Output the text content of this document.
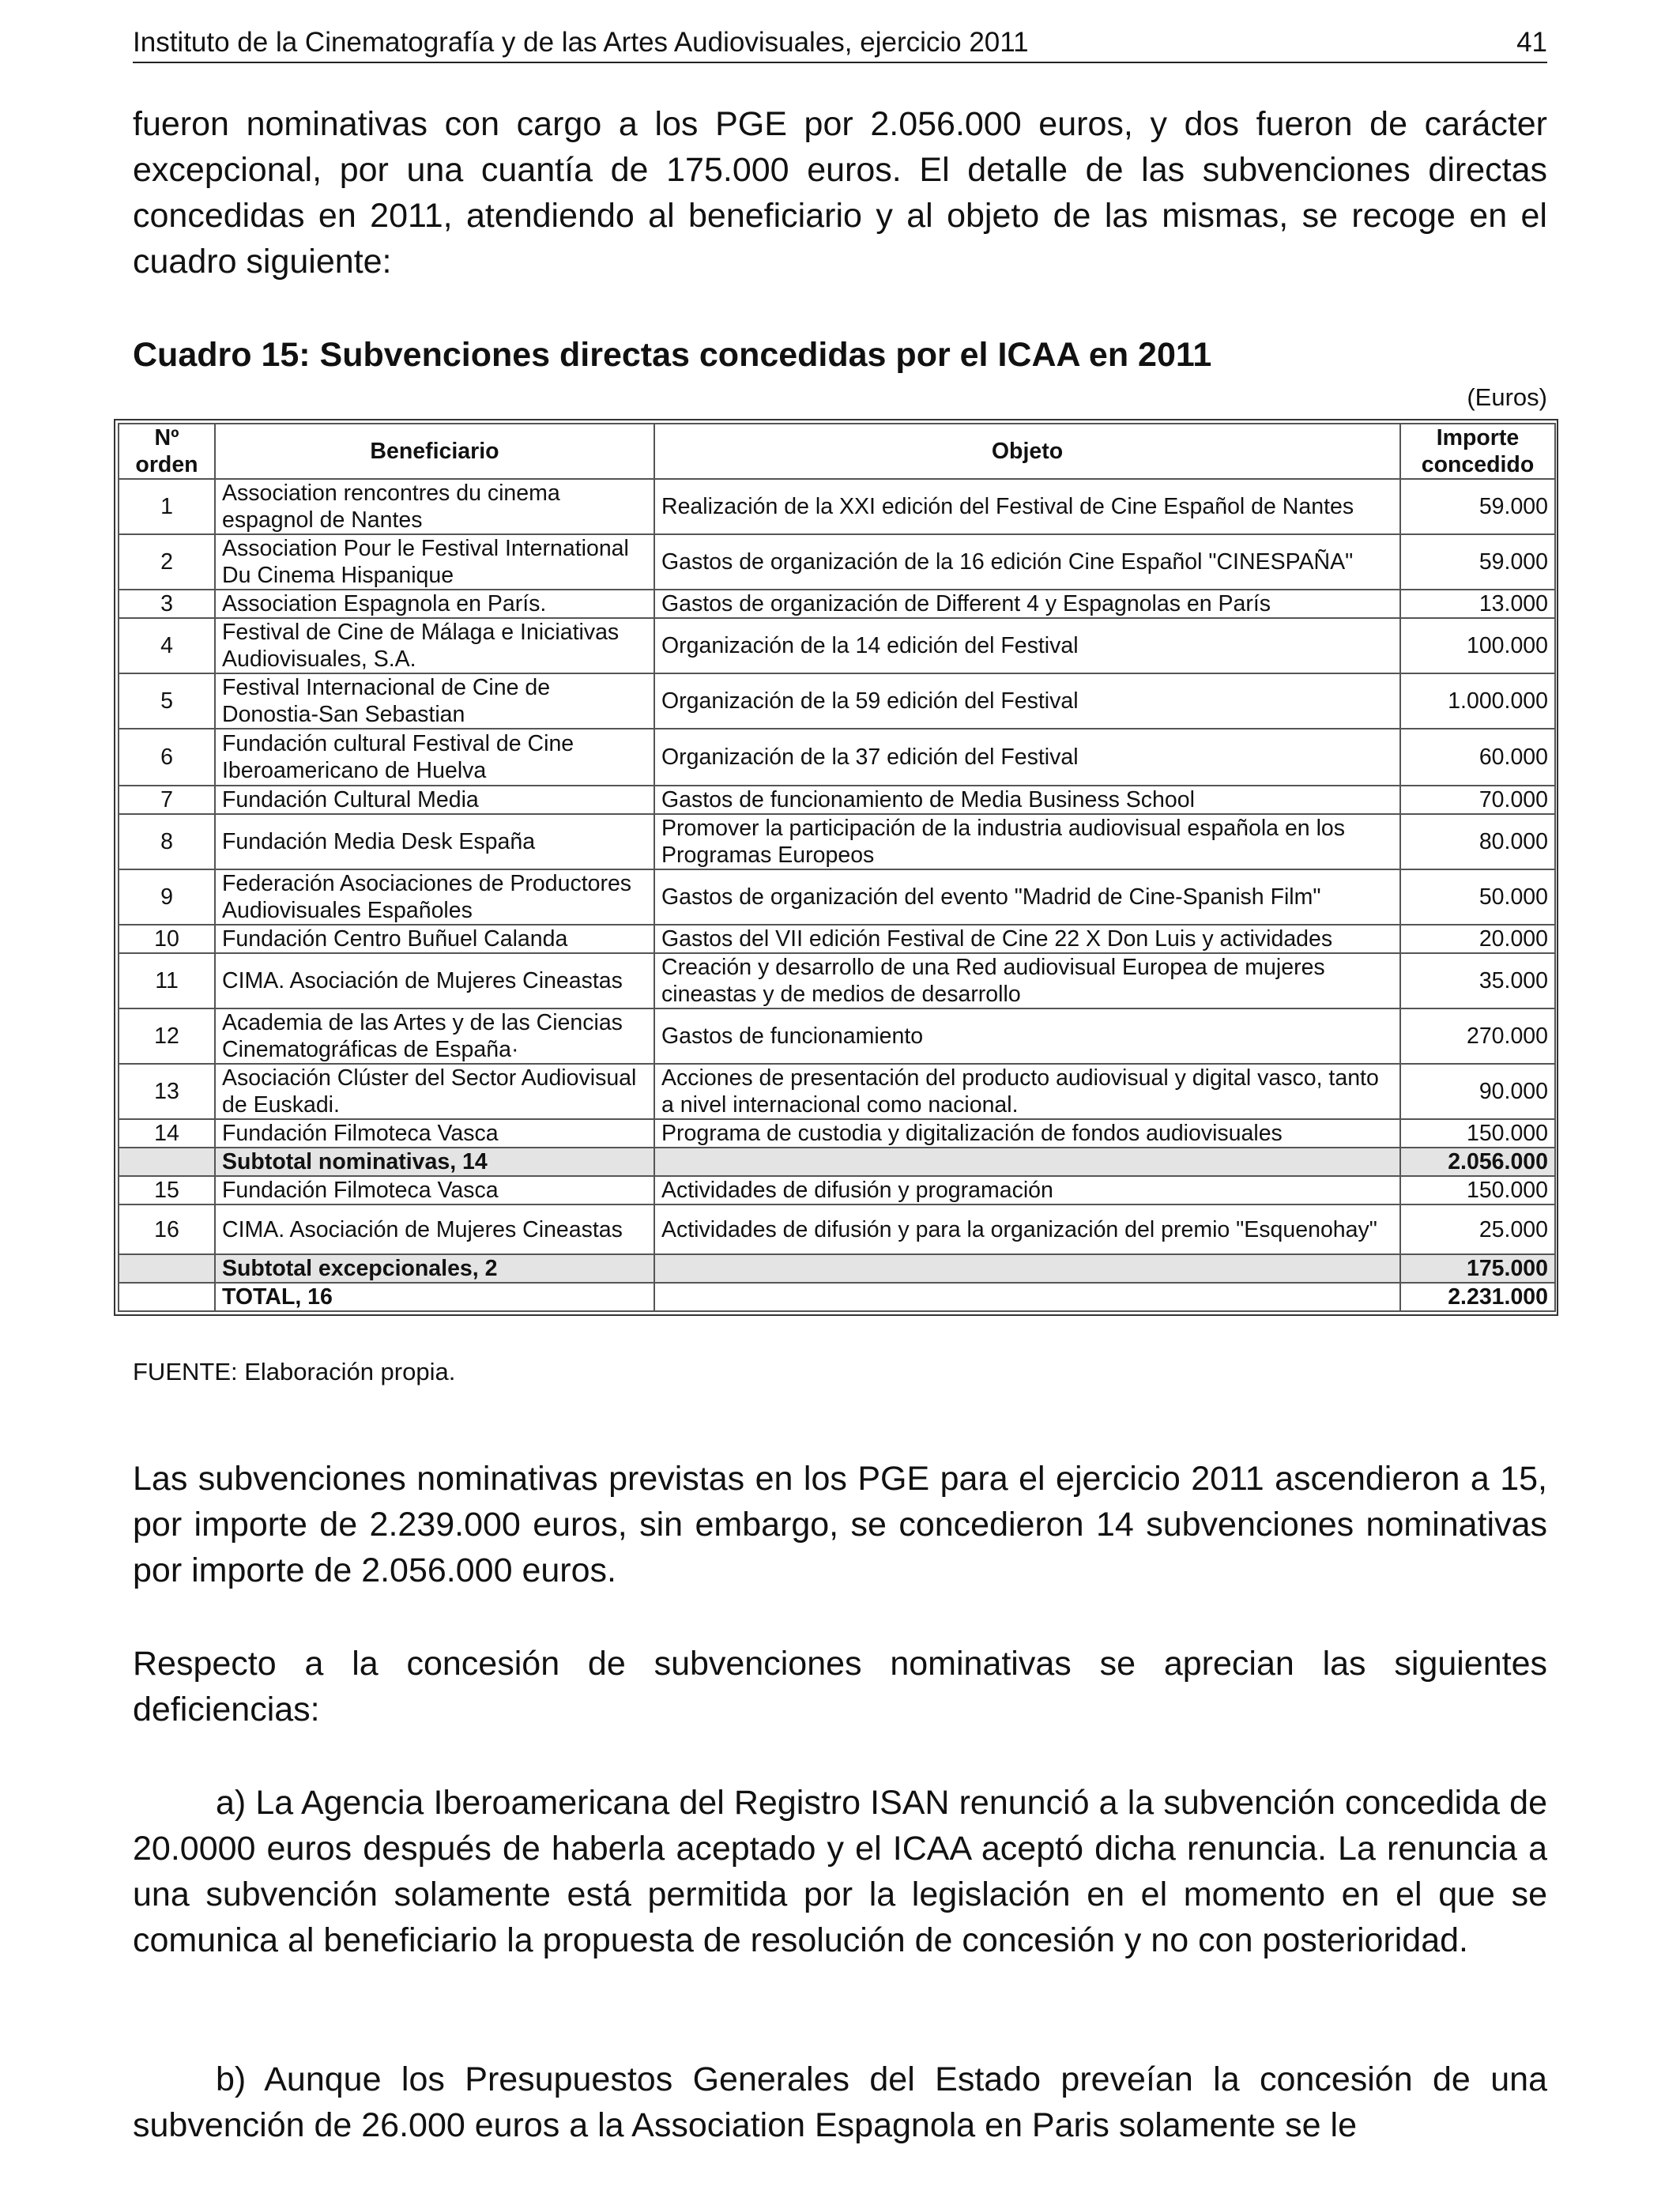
Instituto de la Cinematografía y de las Artes Audiovisuales, ejercicio 2011	41

fueron nominativas con cargo a los PGE por 2.056.000 euros, y dos fueron de carácter excepcional, por una cuantía de 175.000 euros. El detalle de las subvenciones directas concedidas en 2011, atendiendo al beneficiario y al objeto de las mismas, se recoge en el cuadro siguiente:

Cuadro 15: Subvenciones directas concedidas por el ICAA en 2011
(Euros)
Nº orden	Beneficiario	Objeto	Importe concedido
1	Association rencontres du cinema espagnol de Nantes	Realización de la XXI edición del Festival de Cine Español de Nantes	59.000
2	Association Pour le Festival International Du Cinema Hispanique	Gastos de organización de la 16 edición Cine Español "CINESPAÑA"	59.000
3	Association Espagnola en París.	Gastos de organización de Different 4 y Espagnolas en París	13.000
4	Festival de Cine de Málaga e Iniciativas Audiovisuales, S.A.	Organización de la 14 edición del Festival	100.000
5	Festival Internacional de Cine de Donostia-San Sebastian	Organización de la 59 edición del Festival	1.000.000
6	Fundación cultural Festival de Cine Iberoamericano de Huelva	Organización de la 37 edición del Festival	60.000
7	Fundación Cultural Media	Gastos de funcionamiento de Media Business School	70.000
8	Fundación Media Desk España	Promover la participación de la industria audiovisual española en los Programas Europeos	80.000
9	Federación Asociaciones de Productores Audiovisuales Españoles	Gastos de organización del evento "Madrid de Cine-Spanish Film"	50.000
10	Fundación Centro Buñuel Calanda	Gastos del VII edición Festival de Cine 22 X Don Luis y actividades	20.000
11	CIMA. Asociación de Mujeres Cineastas	Creación y desarrollo de una Red audiovisual Europea de mujeres cineastas y de medios de desarrollo	35.000
12	Academia de las Artes y de las Ciencias Cinematográficas de España·	Gastos de funcionamiento	270.000
13	Asociación Clúster del Sector Audiovisual de Euskadi.	Acciones de presentación del producto audiovisual y digital vasco, tanto a nivel internacional como nacional.	90.000
14	Fundación Filmoteca Vasca	Programa de custodia y digitalización de fondos audiovisuales	150.000
	Subtotal nominativas, 14		2.056.000
15	Fundación Filmoteca Vasca	Actividades de difusión y programación	150.000
16	CIMA. Asociación de Mujeres Cineastas	Actividades de difusión y para la organización del premio "Esquenohay"	25.000
	Subtotal excepcionales, 2		175.000
	TOTAL, 16		2.231.000
FUENTE: Elaboración propia.

Las subvenciones nominativas previstas en los PGE para el ejercicio 2011 ascendieron a 15, por importe de 2.239.000 euros, sin embargo, se concedieron 14 subvenciones nominativas por importe de 2.056.000 euros.

Respecto a la concesión de subvenciones nominativas se aprecian las siguientes deficiencias:

a) La Agencia Iberoamericana del Registro ISAN renunció a la subvención concedida de 20.0000 euros después de haberla aceptado y el ICAA aceptó dicha renuncia. La renuncia a una subvención solamente está permitida por la legislación en el momento en el que se comunica al beneficiario la propuesta de resolución de concesión y no con posterioridad.

b) Aunque los Presupuestos Generales del Estado preveían la concesión de una subvención de 26.000 euros a la Association Espagnola en Paris solamente se le
